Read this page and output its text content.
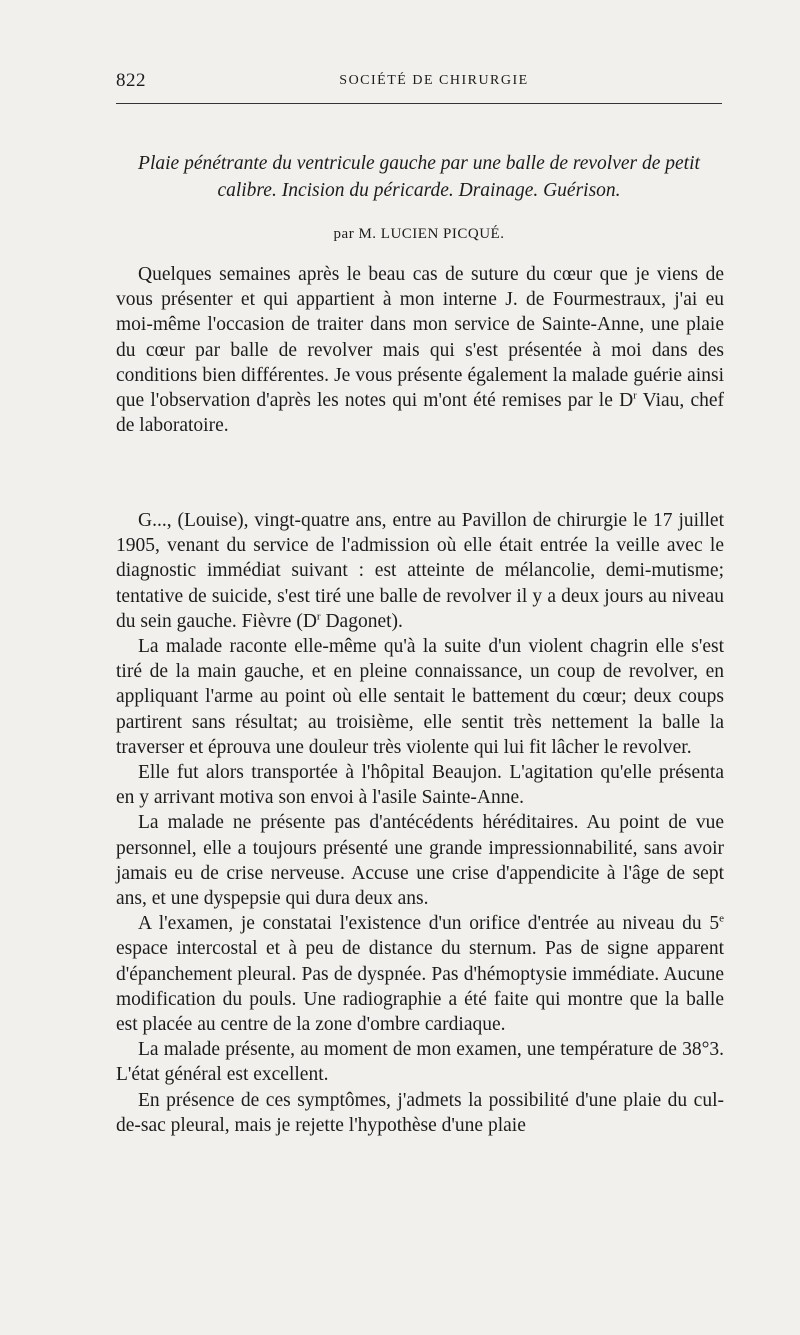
822	SOCIÉTÉ DE CHIRURGIE
Plaie pénétrante du ventricule gauche par une balle de revolver de petit calibre. Incision du péricarde. Drainage. Guérison.
par M. LUCIEN PICQUÉ.

Quelques semaines après le beau cas de suture du cœur que je viens de vous présenter et qui appartient à mon interne J. de Fourmestraux, j'ai eu moi-même l'occasion de traiter dans mon service de Sainte-Anne, une plaie du cœur par balle de revolver mais qui s'est présentée à moi dans des conditions bien différentes. Je vous présente également la malade guérie ainsi que l'observation d'après les notes qui m'ont été remises par le $D^r$ Viau, chef de laboratoire.

G..., (Louise), vingt-quatre ans, entre au Pavillon de chirurgie le 17 juillet 1905, venant du service de l'admission où elle était entrée la veille avec le diagnostic immédiat suivant : est atteinte de mélancolie, demi-mutisme; tentative de suicide, s'est tiré une balle de revolver il y a deux jours au niveau du sein gauche. Fièvre ($D^r$ Dagonet).

La malade raconte elle-même qu'à la suite d'un violent chagrin elle s'est tiré de la main gauche, et en pleine connaissance, un coup de revolver, en appliquant l'arme au point où elle sentait le battement du cœur; deux coups partirent sans résultat; au troisième, elle sentit très nettement la balle la traverser et éprouva une douleur très violente qui lui fit lâcher le revolver.

Elle fut alors transportée à l'hôpital Beaujon. L'agitation qu'elle présenta en y arrivant motiva son envoi à l'asile Sainte-Anne.

La malade ne présente pas d'antécédents héréditaires. Au point de vue personnel, elle a toujours présenté une grande impressionnabilité, sans avoir jamais eu de crise nerveuse. Accuse une crise d'appendicite à l'âge de sept ans, et une dyspepsie qui dura deux ans.

A l'examen, je constatai l'existence d'un orifice d'entrée au niveau du 5e espace intercostal et à peu de distance du sternum. Pas de signe apparent d'épanchement pleural. Pas de dyspnée. Pas d'hémoptysie immédiate. Aucune modification du pouls. Une radiographie a été faite qui montre que la balle est placée au centre de la zone d'ombre cardiaque.

La malade présente, au moment de mon examen, une température de 38°3. L'état général est excellent.

En présence de ces symptômes, j'admets la possibilité d'une plaie du cul-de-sac pleural, mais je rejette l'hypothèse d'une plaie
